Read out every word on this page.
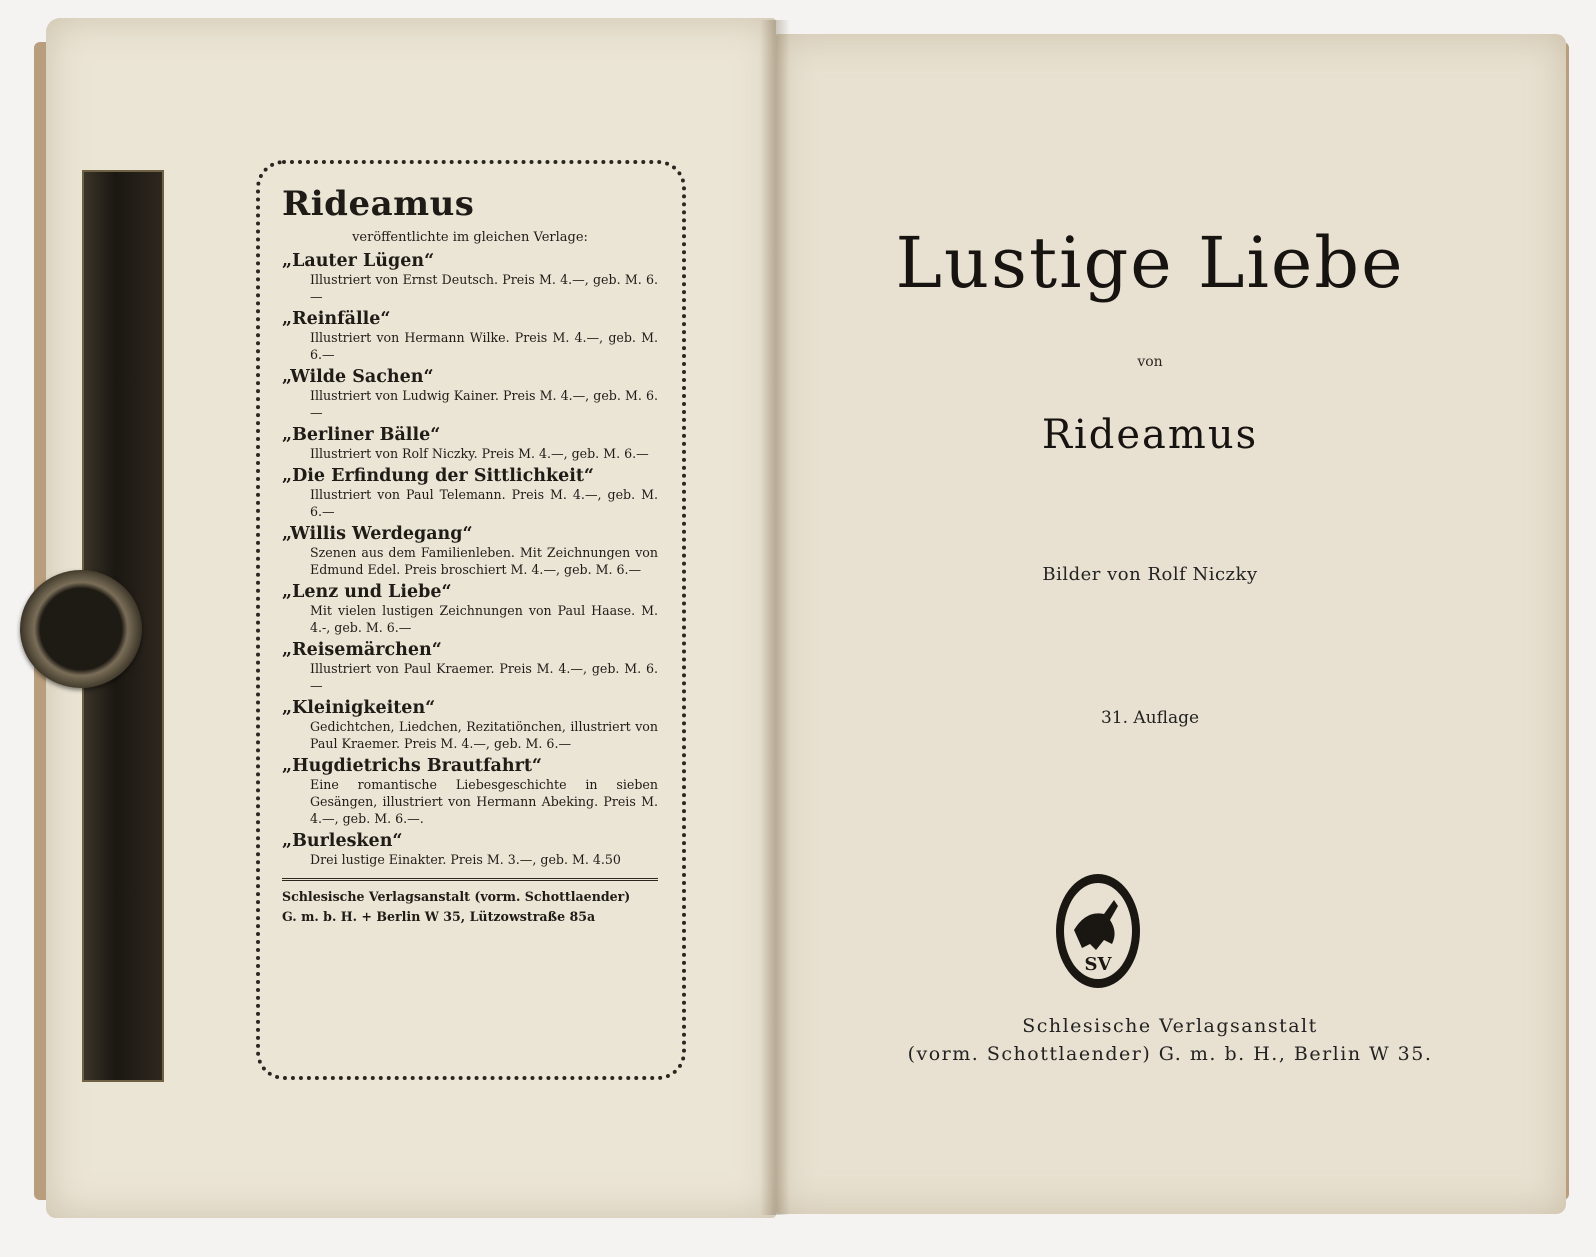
Rideamus
veröffentlichte im gleichen Verlage:
„Lauter Lügen“
Illustriert von Ernst Deutsch. Preis M. 4.—, geb. M. 6.—
„Reinfälle“
Illustriert von Hermann Wilke. Preis M. 4.—, geb. M. 6.—
„Wilde Sachen“
Illustriert von Ludwig Kainer. Preis M. 4.—, geb. M. 6.—
„Berliner Bälle“
Illustriert von Rolf Niczky. Preis M. 4.—, geb. M. 6.—
„Die Erfindung der Sittlichkeit“
Illustriert von Paul Telemann. Preis M. 4.—, geb. M. 6.—
„Willis Werdegang“
Szenen aus dem Familienleben. Mit Zeichnungen von Edmund Edel. Preis broschiert M. 4.—, geb. M. 6.—
„Lenz und Liebe“
Mit vielen lustigen Zeichnungen von Paul Haase. M. 4.-, geb. M. 6.—
„Reisemärchen“
Illustriert von Paul Kraemer. Preis M. 4.—, geb. M. 6.—
„Kleinigkeiten“
Gedichtchen, Liedchen, Rezitatiönchen, illustriert von Paul Kraemer. Preis M. 4.—, geb. M. 6.—
„Hugdietrichs Brautfahrt“
Eine romantische Liebesgeschichte in sieben Gesängen, illustriert von Hermann Abeking. Preis M. 4.—, geb. M. 6.—.
„Burlesken“
Drei lustige Einakter. Preis M. 3.—, geb. M. 4.50
Schlesische Verlagsanstalt (vorm. Schottlaender)
G. m. b. H. + Berlin W 35, Lützowstraße 85a
Lustige Liebe
von
Rideamus
Bilder von Rolf Niczky
31. Auflage
SV
Schlesische Verlagsanstalt
(vorm. Schottlaender) G. m. b. H., Berlin W 35.
